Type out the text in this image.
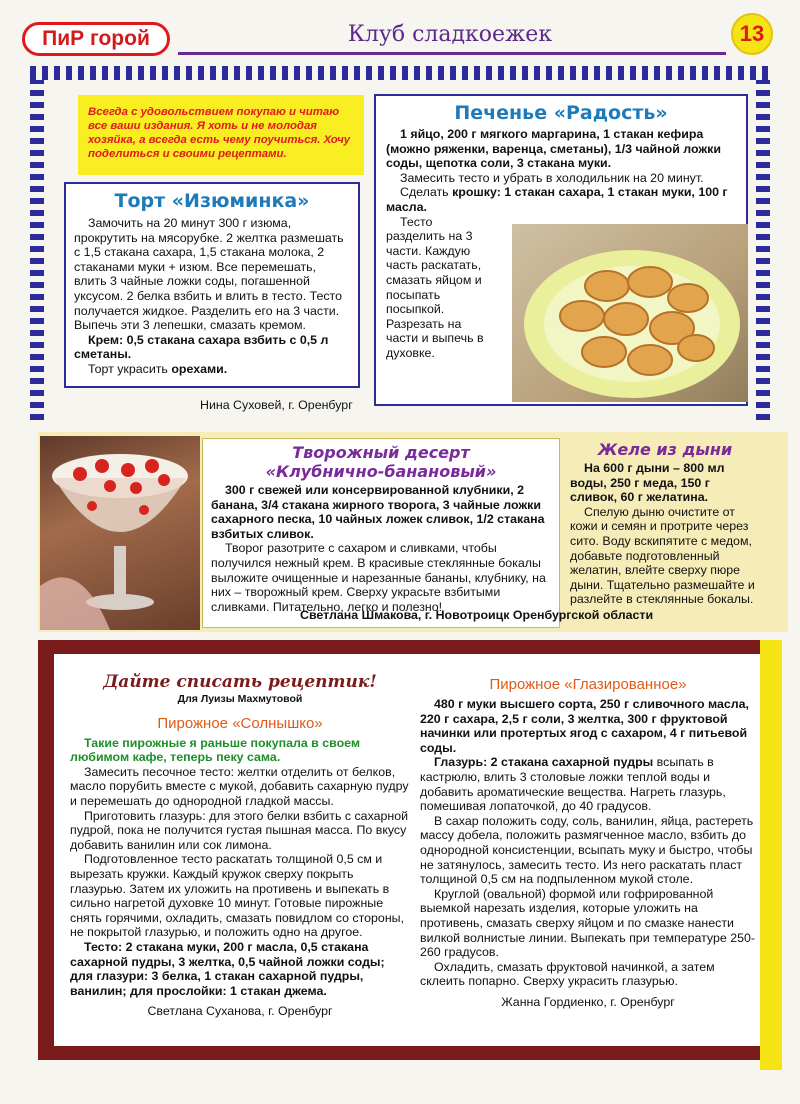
ПиР горой	Клуб сладкоежек	13
Всегда с удовольствием покупаю и читаю все ваши издания. Я хоть и не молодая хозяйка, а всегда есть чему поучиться. Хочу поделиться и своими рецептами.
Торт «Изюминка»

Замочить на 20 минут 300 г изюма, прокрутить на мясорубке. 2 желтка размешать с 1,5 стакана сахара, 1,5 стакана молока, 2 стаканами муки + изюм. Все перемешать, влить 3 чайные ложки соды, погашенной уксусом. 2 белка взбить и влить в тесто. Тесто получается жидкое. Разделить его на 3 части. Выпечь эти 3 лепешки, смазать кремом.

Крем: 0,5 стакана сахара взбить с 0,5 л сметаны.

Торт украсить орехами.

Нина Суховей, г. Оренбург
Печенье «Радость»

1 яйцо, 200 г мягкого маргарина, 1 стакан кефира (можно ряженки, варенца, сметаны), 1/3 чайной ложки соды, щепотка соли, 3 стакана муки.

Замесить тесто и убрать в холодильник на 20 минут.

Сделать крошку: 1 стакан сахара, 1 стакан муки, 100 г масла.

Тесто разделить на 3 части. Каждую часть раскатать, смазать яйцом и посыпать посыпкой. Разрезать на части и выпечь в духовке.

Творожный десерт
«Клубнично-банановый»

300 г свежей или консервированной клубники, 2 банана, 3/4 стакана жирного творога, 3 чайные ложки сахарного песка, 10 чайных ложек сливок, 1/2 стакана взбитых сливок.

Творог разотрите с сахаром и сливками, чтобы получился нежный крем. В красивые стеклянные бокалы выложите очищенные и нарезанные бананы, клубнику, на них – творожный крем. Сверху украсьте взбитыми сливками. Питательно, легко и полезно!

Светлана Шмакова, г. Новотроицк Оренбургской области
Желе из дыни

На 600 г дыни – 800 мл воды, 250 г меда, 150 г сливок, 60 г желатина.

Спелую дыню очистите от кожи и семян и протрите через сито. Воду вскипятите с медом, добавьте подготовленный желатин, влейте сверху пюре дыни. Тщательно размешайте и разлейте в стеклянные бокалы.

Дайте списать рецептик!
Для Луизы Махмутовой
Пирожное «Солнышко»

Такие пирожные я раньше покупала в своем любимом кафе, теперь пеку сама.

Замесить песочное тесто: желтки отделить от белков, масло порубить вместе с мукой, добавить сахарную пудру и перемешать до однородной гладкой массы.

Приготовить глазурь: для этого белки взбить с сахарной пудрой, пока не получится густая пышная масса. По вкусу добавить ванилин или сок лимона.

Подготовленное тесто раскатать толщиной 0,5 см и вырезать кружки. Каждый кружок сверху покрыть глазурью. Затем их уложить на противень и выпекать в сильно нагретой духовке 10 минут. Готовые пирожные снять горячими, охладить, смазать повидлом со стороны, не покрытой глазурью, и положить одно на другое.

Тесто: 2 стакана муки, 200 г масла, 0,5 стакана сахарной пудры, 3 желтка, 0,5 чайной ложки соды; для глазури: 3 белка, 1 стакан сахарной пудры, ванилин; для прослойки: 1 стакан джема.

Светлана Суханова, г. Оренбург
Пирожное «Глазированное»

480 г муки высшего сорта, 250 г сливочного масла, 220 г сахара, 2,5 г соли, 3 желтка, 300 г фруктовой начинки или протертых ягод с сахаром, 4 г питьевой соды.

Глазурь: 2 стакана сахарной пудры всыпать в кастрюлю, влить 3 столовые ложки теплой воды и добавить ароматические вещества. Нагреть глазурь, помешивая лопаточкой, до 40 градусов.

В сахар положить соду, соль, ванилин, яйца, растереть массу добела, положить размягченное масло, взбить до однородной консистенции, всыпать муку и быстро, чтобы не затянулось, замесить тесто. Из него раскатать пласт толщиной 0,5 см на подпыленном мукой столе.

Круглой (овальной) формой или гофрированной выемкой нарезать изделия, которые уложить на противень, смазать сверху яйцом и по смазке нанести вилкой волнистые линии. Выпекать при температуре 250-260 градусов.

Охладить, смазать фруктовой начинкой, а затем склеить попарно. Сверху украсить глазурью.

Жанна Гордиенко, г. Оренбург
